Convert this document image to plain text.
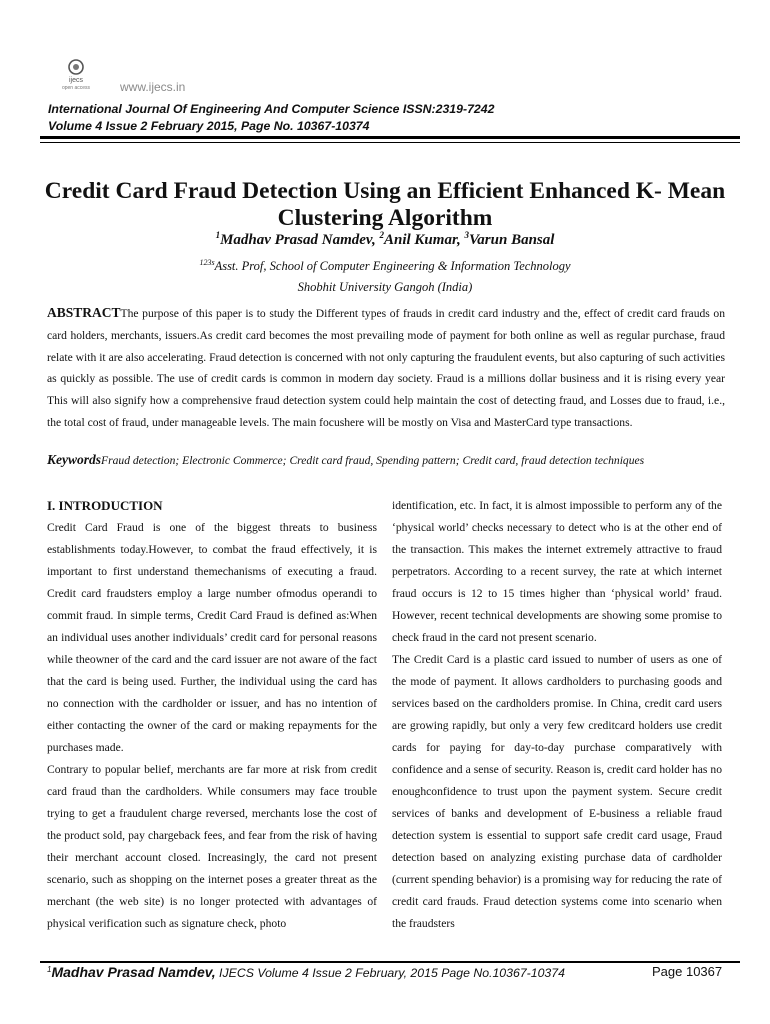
ijecs
open access www.ijecs.in
International Journal Of Engineering And Computer Science ISSN:2319-7242
Volume 4 Issue 2 February 2015, Page No. 10367-10374
Credit Card Fraud Detection Using an Efficient Enhanced K- Mean Clustering Algorithm
$^1$Madhav Prasad Namdev, $^2$Anil Kumar, $^3$Varun Bansal
$^{123s}$Asst. Prof, School of Computer Engineering & Information Technology
Shobhit University Gangoh (India)
ABSTRACTThe purpose of this paper is to study the Different types of frauds in credit card industry and the, effect of credit card frauds on card holders, merchants, issuers.As credit card becomes the most prevailing mode of payment for both online as well as regular purchase, fraud relate with it are also accelerating. Fraud detection is concerned with not only capturing the fraudulent events, but also capturing of such activities as quickly as possible. The use of credit cards is common in modern day society. Fraud is a millions dollar business and it is rising every year This will also signify how a comprehensive fraud detection system could help maintain the cost of detecting fraud, and Losses due to fraud, i.e., the total cost of fraud, under manageable levels. The main focushere will be mostly on Visa and MasterCard type transactions.
KeywordsFraud detection; Electronic Commerce; Credit card fraud, Spending pattern; Credit card, fraud detection techniques
I. INTRODUCTION

Credit Card Fraud is one of the biggest threats to business establishments today.However, to combat the fraud effectively, it is important to first understand themechanisms of executing a fraud. Credit card fraudsters employ a large number ofmodus operandi to commit fraud. In simple terms, Credit Card Fraud is defined as:When an individual uses another individuals’ credit card for personal reasons while theowner of the card and the card issuer are not aware of the fact that the card is being used. Further, the individual using the card has no connection with the cardholder or issuer, and has no intention of either contacting the owner of the card or making repayments for the purchases made.

Contrary to popular belief, merchants are far more at risk from credit card fraud than the cardholders. While consumers may face trouble trying to get a fraudulent charge reversed, merchants lose the cost of the product sold, pay chargeback fees, and fear from the risk of having their merchant account closed. Increasingly, the card not present scenario, such as shopping on the internet poses a greater threat as the merchant (the web site) is no longer protected with advantages of physical verification such as signature check, photo

identification, etc. In fact, it is almost impossible to perform any of the ‘physical world’ checks necessary to detect who is at the other end of the transaction. This makes the internet extremely attractive to fraud perpetrators. According to a recent survey, the rate at which internet fraud occurs is 12 to 15 times higher than ‘physical world’ fraud. However, recent technical developments are showing some promise to check fraud in the card not present scenario.

The Credit Card is a plastic card issued to number of users as one of the mode of payment. It allows cardholders to purchasing goods and services based on the cardholders promise. In China, credit card users are growing rapidly, but only a very few creditcard holders use credit cards for paying for day-to-day purchase comparatively with confidence and a sense of security. Reason is, credit card holder has no enoughconfidence to trust upon the payment system. Secure credit services of banks and development of E-business a reliable fraud detection system is essential to support safe credit card usage, Fraud detection based on analyzing existing purchase data of cardholder (current spending behavior) is a promising way for reducing the rate of credit card frauds. Fraud detection systems come into scenario when the fraudsters

$^1$Madhav Prasad Namdev, IJECS Volume 4 Issue 2 February, 2015 Page No.10367-10374	Page 10367
